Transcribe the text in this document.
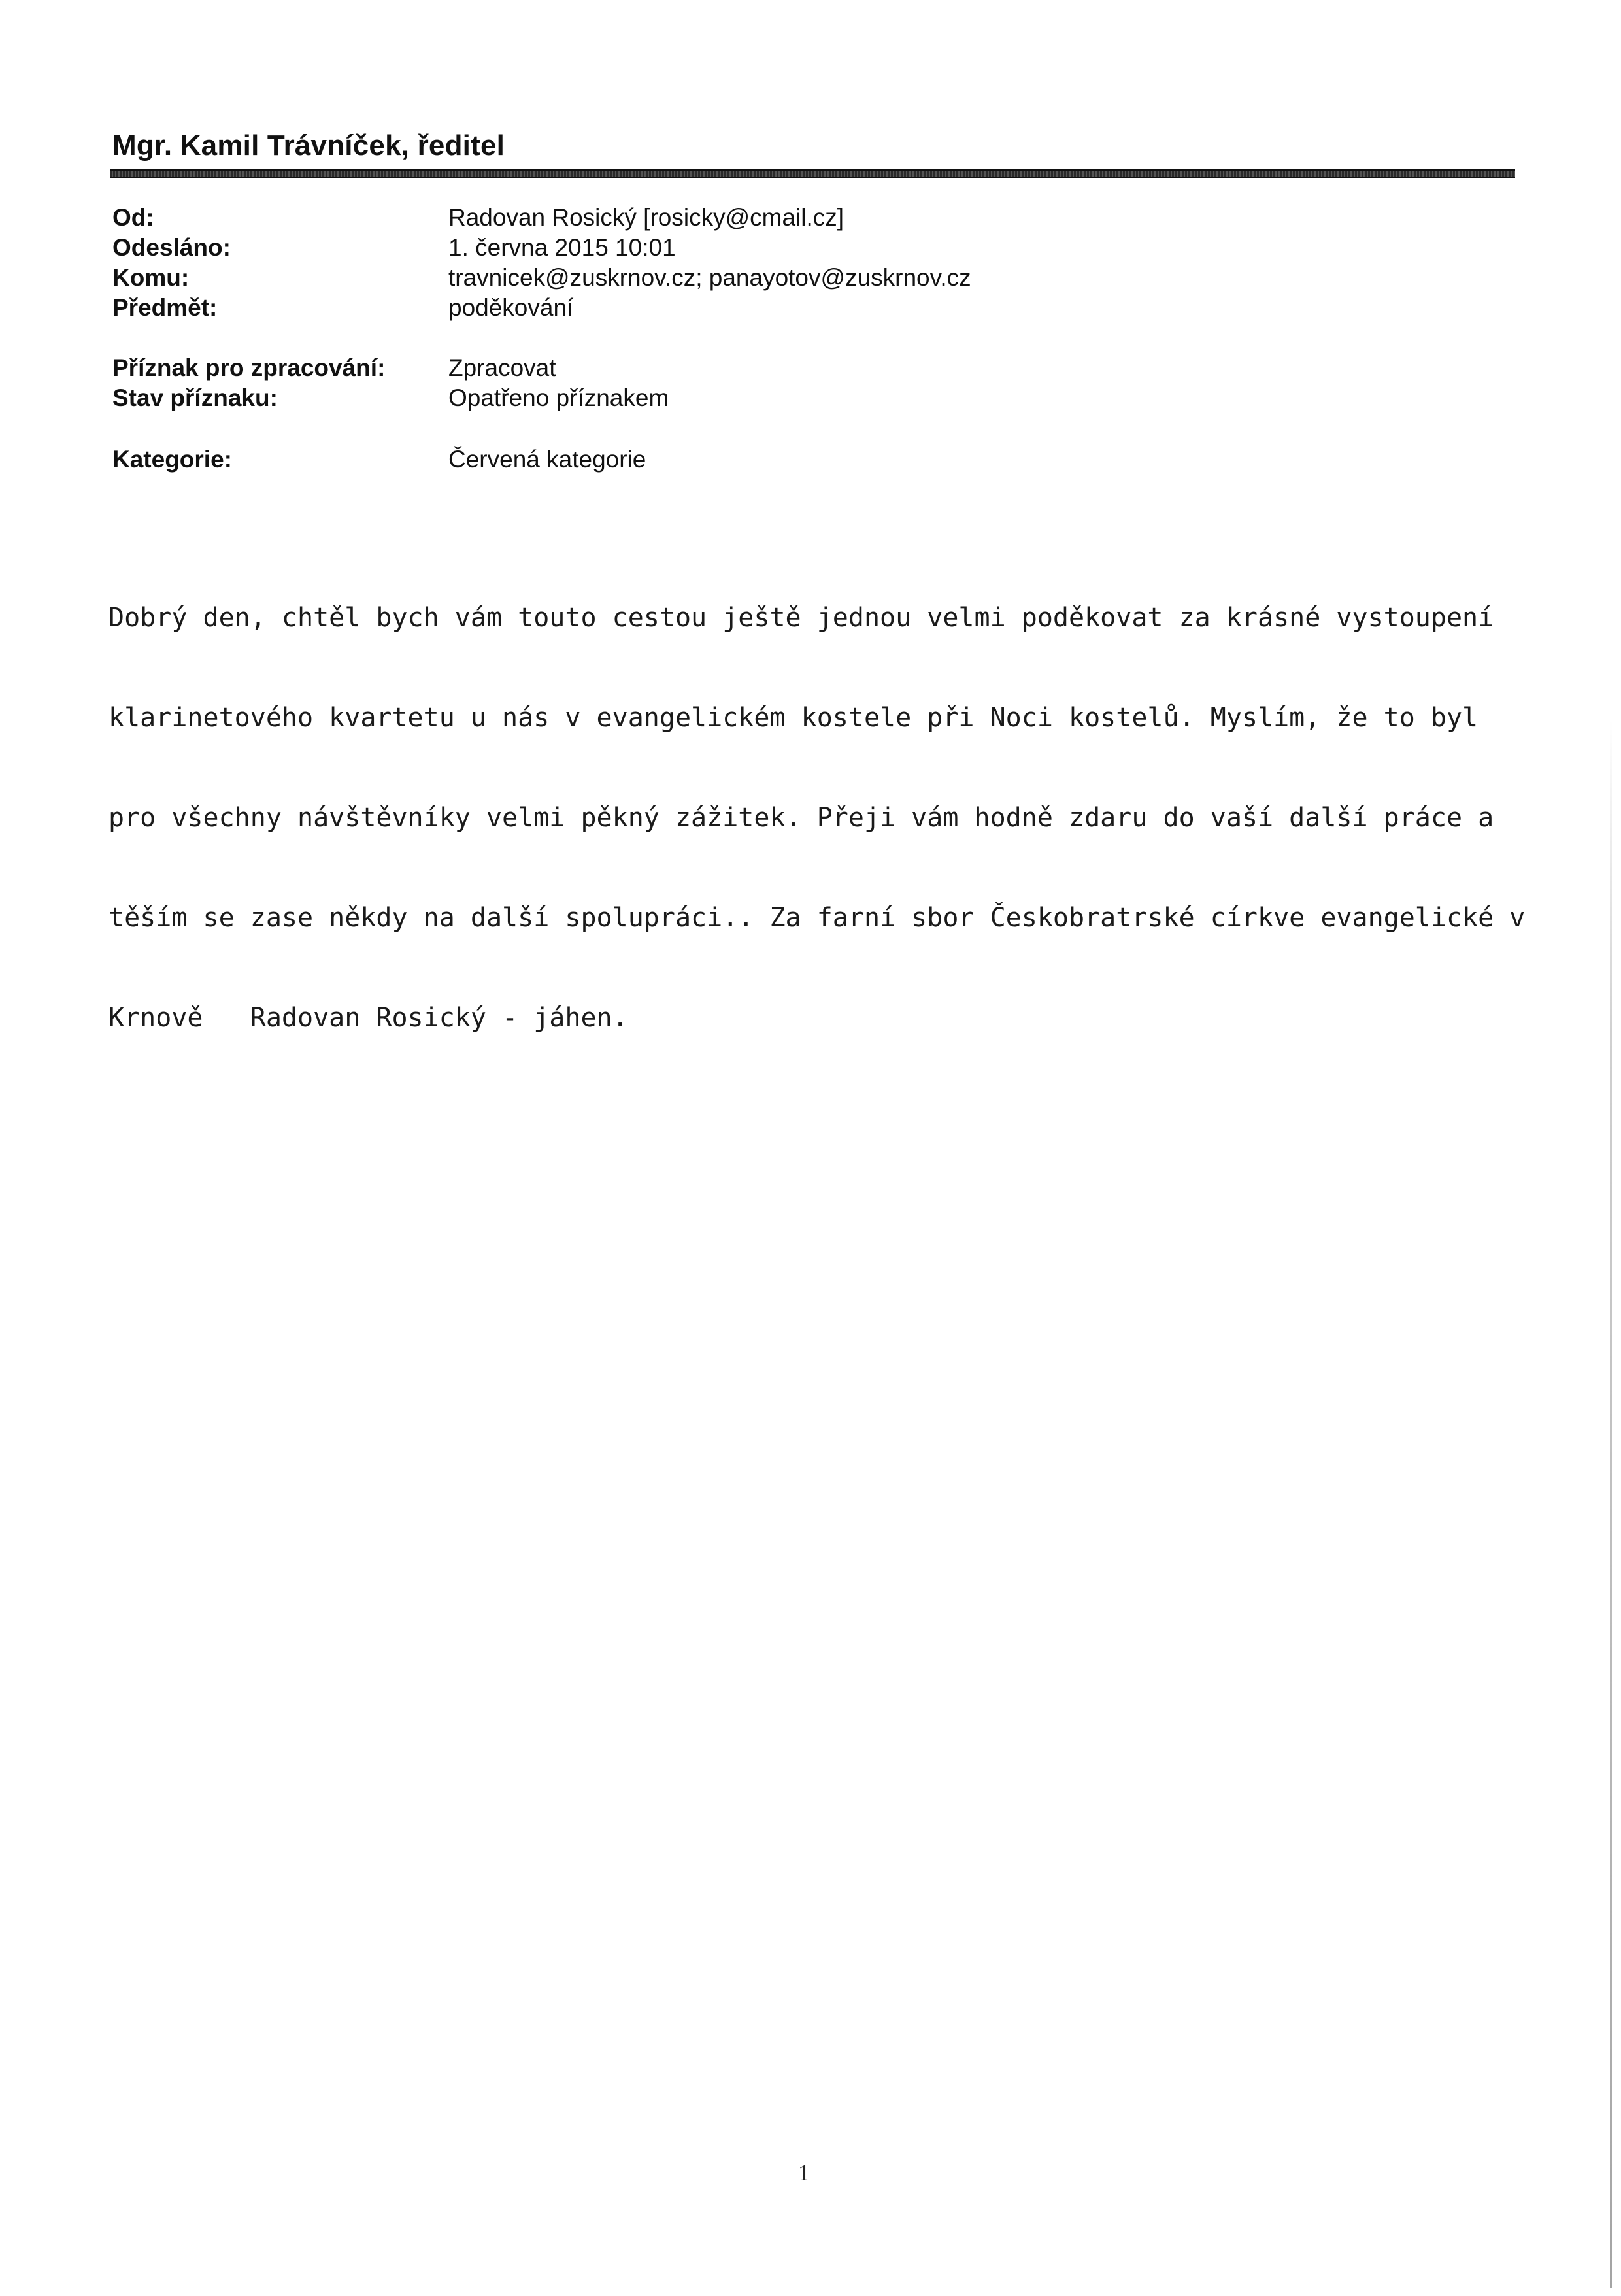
Mgr. Kamil Trávníček, ředitel
Od:	Radovan Rosický [rosicky@cmail.cz]
Odesláno:	1. června 2015 10:01
Komu:	travnicek@zuskrnov.cz; panayotov@zuskrnov.cz
Předmět:	poděkování
Příznak pro zpracování:	Zpracovat
Stav příznaku:	Opatřeno příznakem
Kategorie:	Červená kategorie

Dobrý den, chtěl bych vám touto cestou ještě jednou velmi poděkovat za krásné vystoupení

klarinetového kvartetu u nás v evangelickém kostele při Noci kostelů. Myslím, že to byl

pro všechny návštěvníky velmi pěkný zážitek. Přeji vám hodně zdaru do vaší další práce a

těším se zase někdy na další spolupráci.. Za farní sbor Českobratrské církve evangelické v

Krnově   Radovan Rosický - jáhen.

1
